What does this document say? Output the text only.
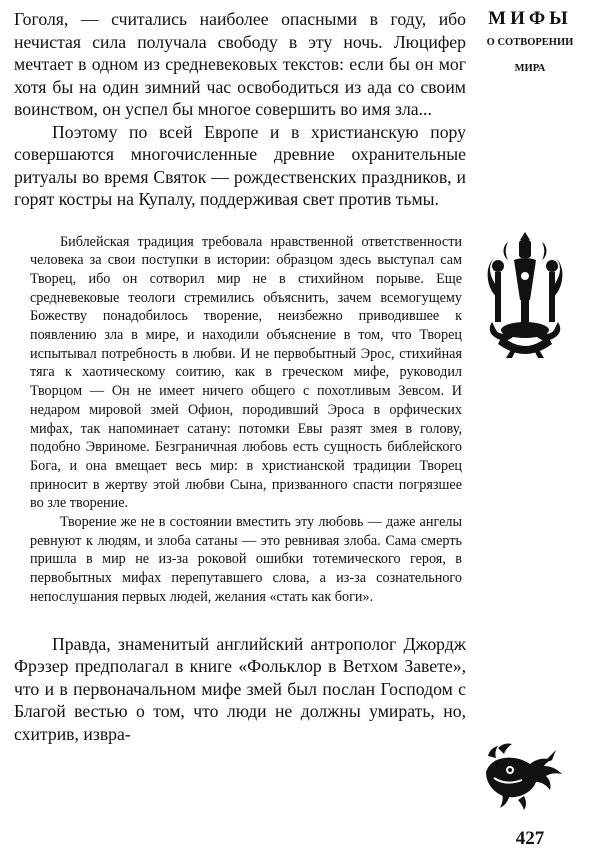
Гоголя, — считались наиболее опасными в году, ибо нечистая сила получала свободу в эту ночь. Люцифер мечтает в одном из средневековых текстов: если бы он мог хотя бы на один зимний час освободиться из ада со своим воинством, он успел бы многое совершить во имя зла...

Поэтому по всей Европе и в христианскую пору совершаются многочисленные древние охранительные ритуалы во время Святок — рождественских праздников, и горят костры на Купалу, поддерживая свет против тьмы.

Библейская традиция требовала нравственной ответственности человека за свои поступки в истории: образцом здесь выступал сам Творец, ибо он сотворил мир не в стихийном порыве. Еще средневековые теологи стремились объяснить, зачем всемогущему Божеству понадобилось творение, неизбежно приводившее к появлению зла в мире, и находили объяснение в том, что Творец испытывал потребность в любви. И не первобытный Эрос, стихийная тяга к хаотическому соитию, как в греческом мифе, руководил Творцом — Он не имеет ничего общего с похотливым Зевсом. И недаром мировой змей Офион, породивший Эроса в орфических мифах, так напоминает сатану: потомки Евы разят змея в голову, подобно Эвриноме. Безграничная любовь есть сущность библейского Бога, и она вмещает весь мир: в христианской традиции Творец приносит в жертву этой любви Сына, призванного спасти погрязшее во зле творение.

Творение же не в состоянии вместить эту любовь — даже ангелы ревнуют к людям, и злоба сатаны — это ревнивая злоба. Сама смерть пришла в мир не из-за роковой ошибки тотемического героя, в первобытных мифах перепутавшего слова, а из-за сознательного непослушания первых людей, желания «стать как боги».

Правда, знаменитый английский антрополог Джордж Фрэзер предполагал в книге «Фольклор в Ветхом Завете», что и в первоначальном мифе змей был послан Господом с Благой вестью о том, что люди не должны умирать, но, схитрив, извра-

МИФЫ
О СОТВОРЕНИИ
МИРА
427
